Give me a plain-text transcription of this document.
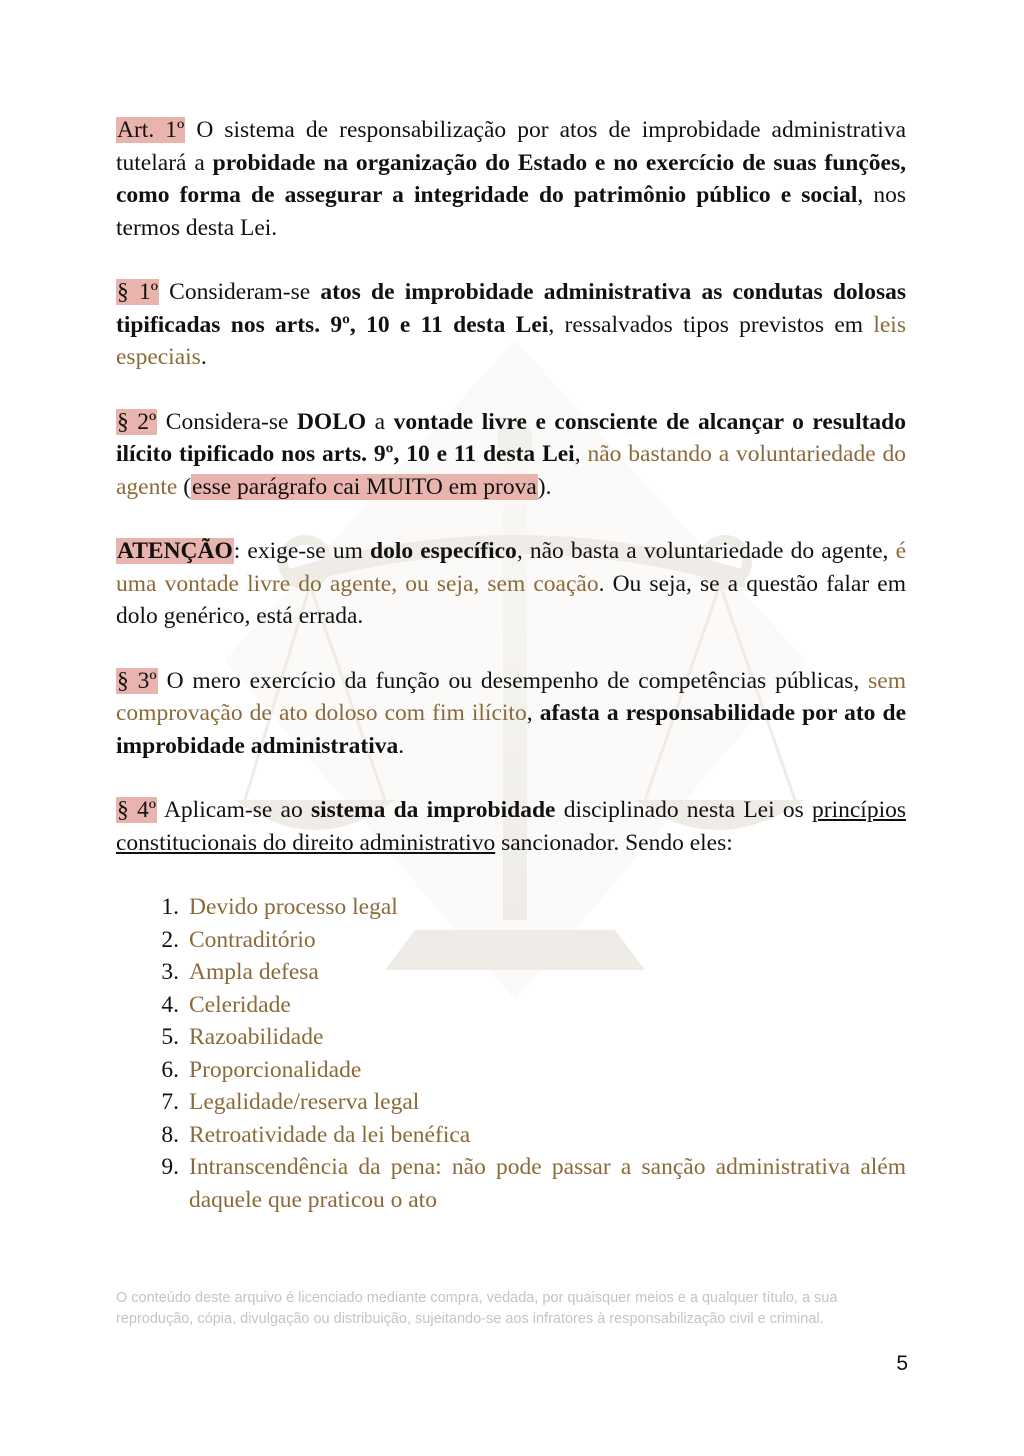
Art. 1º O sistema de responsabilização por atos de improbidade administrativa tutelará a probidade na organização do Estado e no exercício de suas funções, como forma de assegurar a integridade do patrimônio público e social, nos termos desta Lei.

§ 1º Consideram-se atos de improbidade administrativa as condutas dolosas tipificadas nos arts. 9º, 10 e 11 desta Lei, ressalvados tipos previstos em leis especiais.

§ 2º Considera-se DOLO a vontade livre e consciente de alcançar o resultado ilícito tipificado nos arts. 9º, 10 e 11 desta Lei, não bastando a voluntariedade do agente (esse parágrafo cai MUITO em prova).

ATENÇÃO: exige-se um dolo específico, não basta a voluntariedade do agente, é uma vontade livre do agente, ou seja, sem coação. Ou seja, se a questão falar em dolo genérico, está errada.

§ 3º O mero exercício da função ou desempenho de competências públicas, sem comprovação de ato doloso com fim ilícito, afasta a responsabilidade por ato de improbidade administrativa.

§ 4º Aplicam-se ao sistema da improbidade disciplinado nesta Lei os princípios constitucionais do direito administrativo sancionador. Sendo eles:

1. Devido processo legal
2. Contraditório
3. Ampla defesa
4. Celeridade
5. Razoabilidade
6. Proporcionalidade
7. Legalidade/reserva legal
8. Retroatividade da lei benéfica
9. Intranscendência da pena: não pode passar a sanção administrativa além daquele que praticou o ato
O conteúdo deste arquivo é licenciado mediante compra, vedada, por quaisquer meios e a qualquer título, a sua reprodução, cópia, divulgação ou distribuição, sujeitando-se aos infratores à responsabilização civil e criminal.
5
